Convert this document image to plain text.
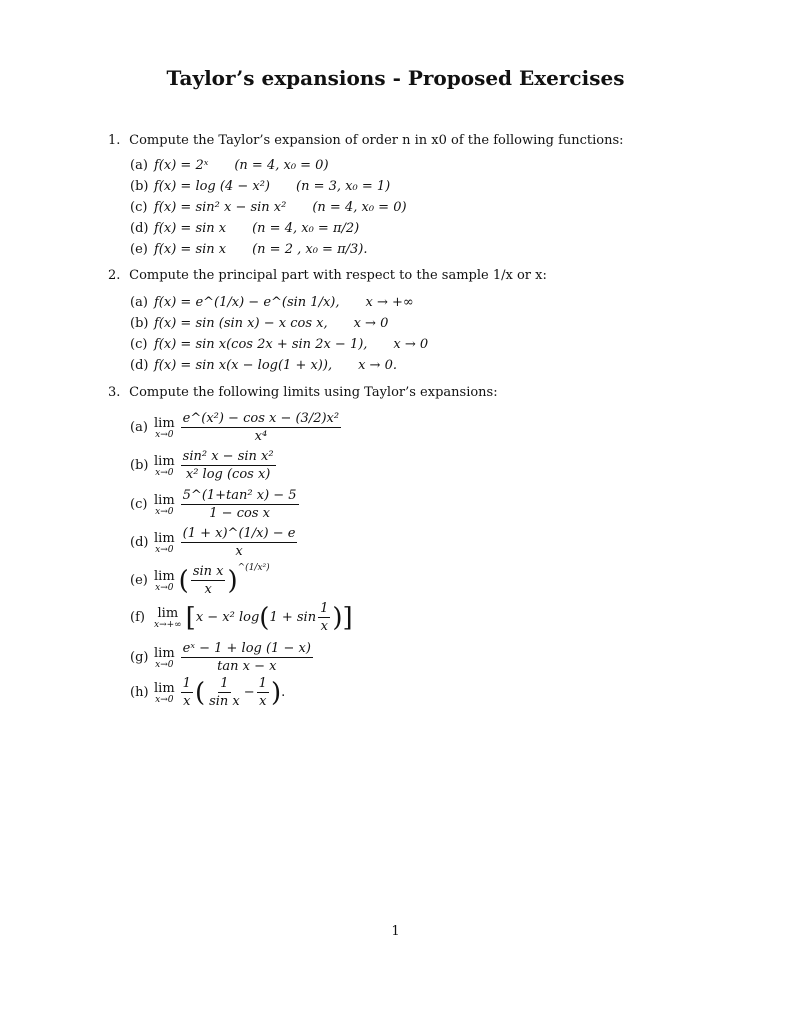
Taylor’s expansions - Proposed Exercises
1. Compute the Taylor’s expansion of order n in x0 of the following functions:
(a) f(x) = 2ˣ (n = 4, x₀ = 0)
(b) f(x) = log (4 − x²) (n = 3, x₀ = 1)
(c) f(x) = sin² x − sin x² (n = 4, x₀ = 0)
(d) f(x) = sin x (n = 4, x₀ = π/2)
(e) f(x) = sin x (n = 2 , x₀ = π/3).
2. Compute the principal part with respect to the sample 1/x or x:
(a) f(x) = e^(1/x) − e^(sin 1/x), x → +∞
(b) f(x) = sin (sin x) − x cos x, x → 0
(c) f(x) = sin x(cos 2x + sin 2x − 1), x → 0
(d) f(x) = sin x(x − log(1 + x)), x → 0.
3. Compute the following limits using Taylor’s expansions:
(a) lim
$x\to 0 \frac{\text{e\textasciicircum{}(x²) − cos x − (3/2)x²}}{\text{x⁴}}$
(b) lim
$x\to 0 \frac{\text{sin² x − sin x²}}{\text{x² log (cos x)}}$
(c) lim
$x\to 0 \frac{\text{5\textasciicircum{}(1+tan² x) − 5}}{\text{1 − cos x}}$
(d) lim
$x\to 0 \frac{(1 + x)\^{}(1/x) - e}{x}$
(e) lim
x→0 ( $\frac{\text{sin x}}{x}$ ) ^(1/x²)
(f) lim
x→+∞ [ x − x² log ( $1 + \sin \frac{1}{x}$ ) ]
(g) lim
$x\to 0 \frac{\text{eˣ − 1 + log (1 − x)}}{\text{tan x − x}}$
(h) lim
$x\to 0 \frac{1}{x}$ ( $\frac{1}{\text{sin x}} - \frac{1}{x}$ ) .
1
